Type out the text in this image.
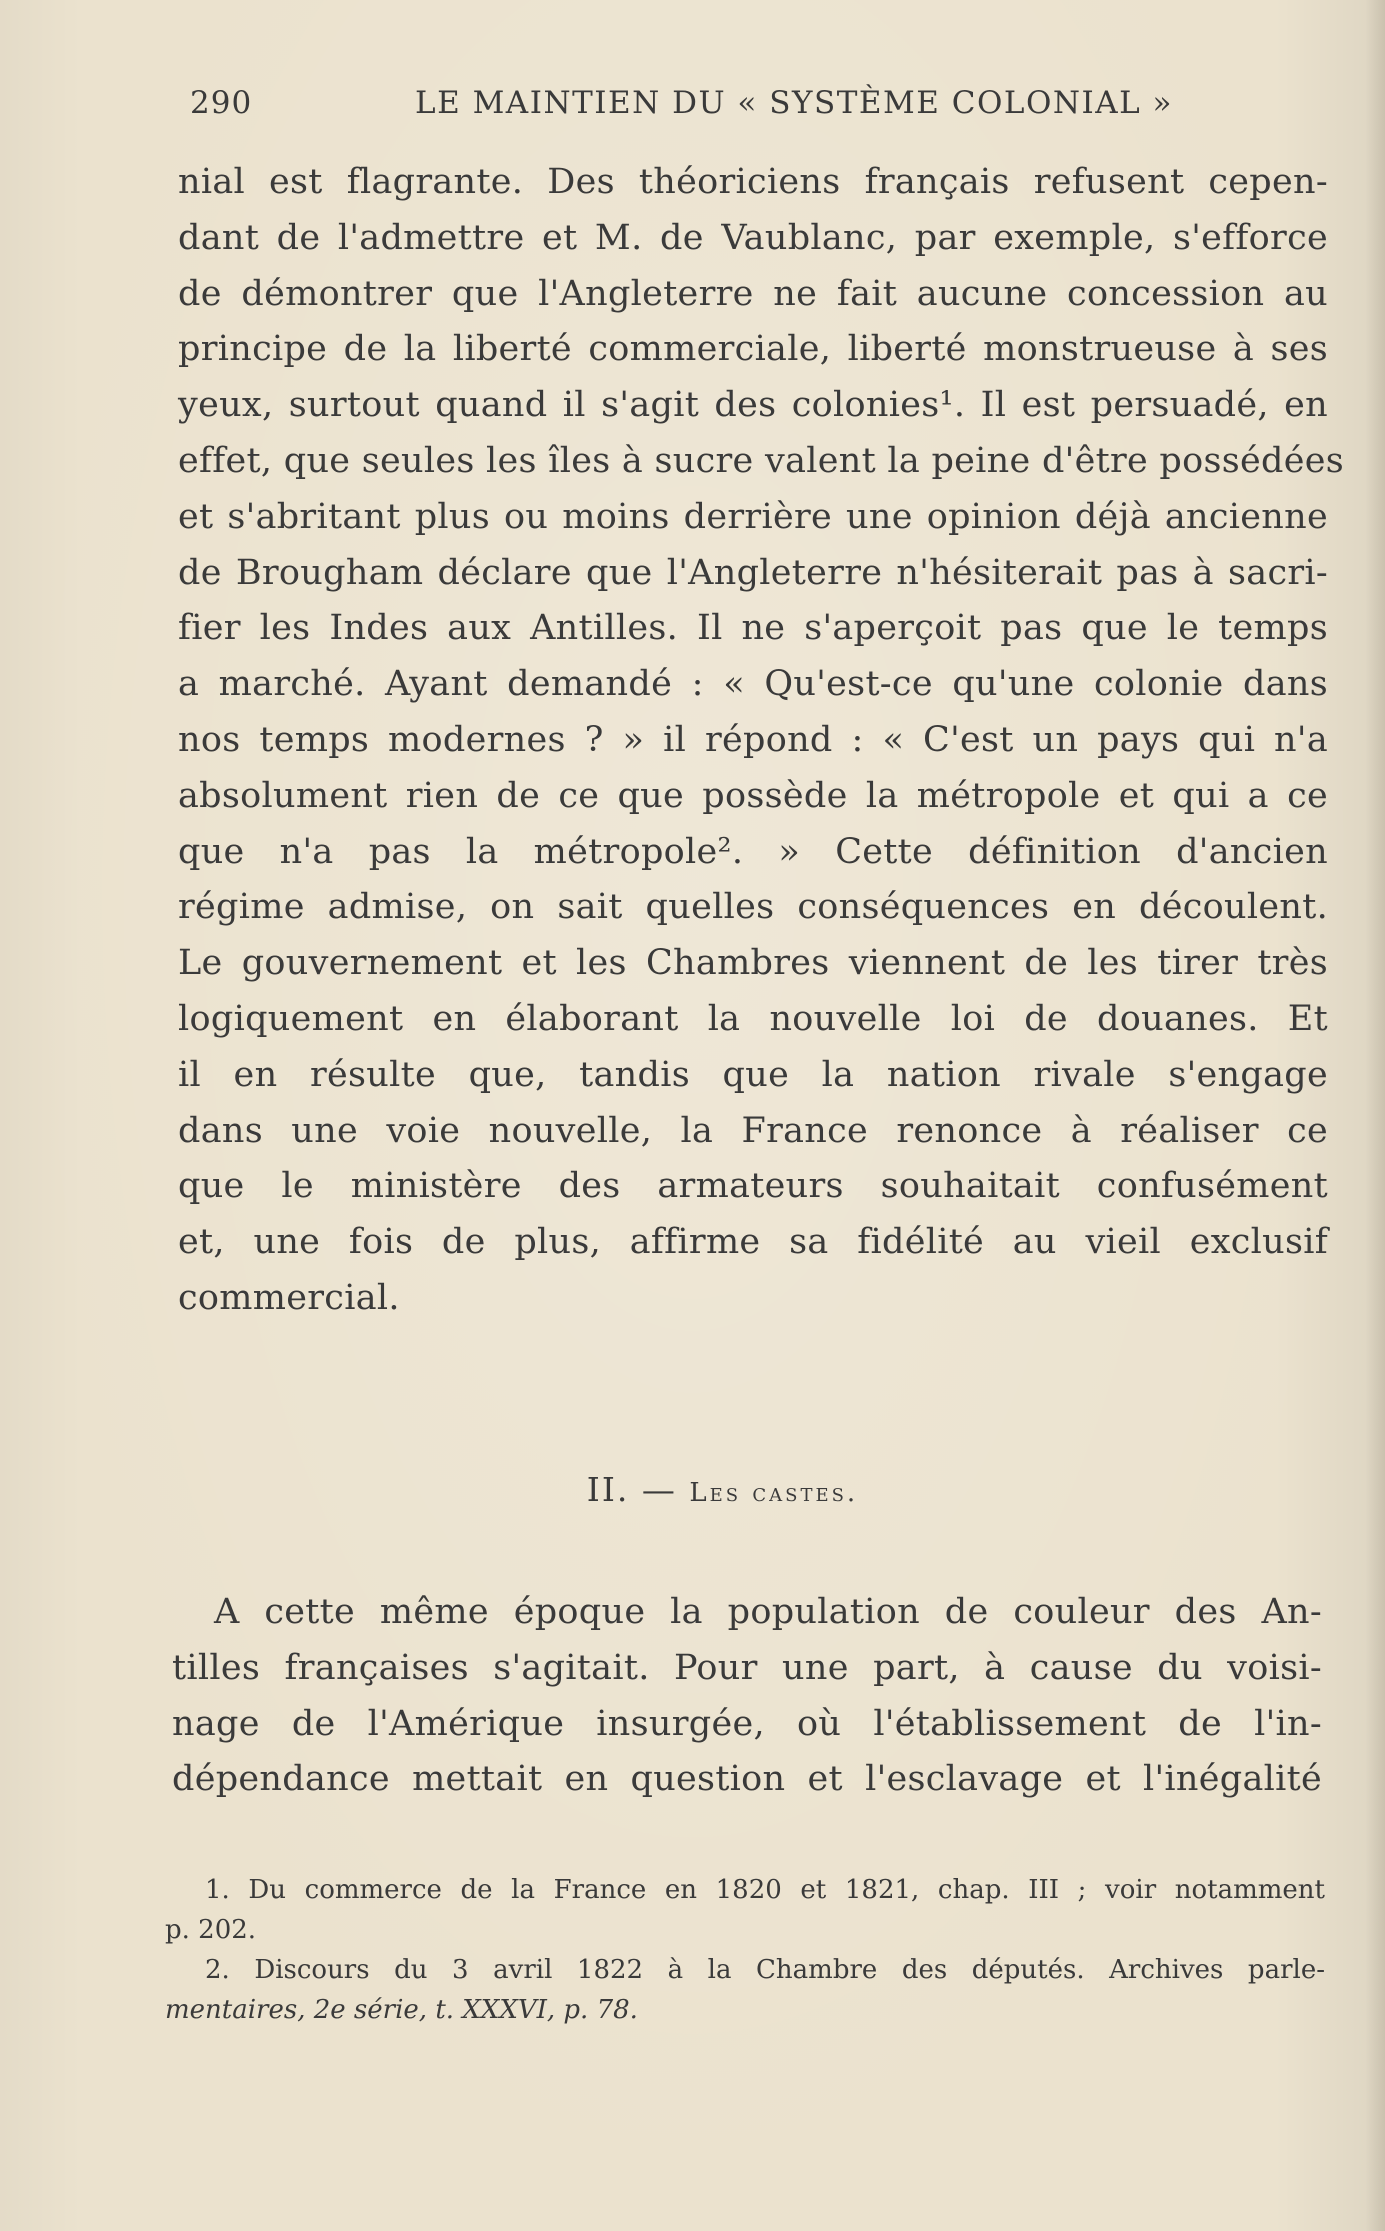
290	LE MAINTIEN DU « SYSTÈME COLONIAL »
nial est flagrante. Des théoriciens français refusent cepen-
dant de l'admettre et M. de Vaublanc, par exemple, s'efforce
de démontrer que l'Angleterre ne fait aucune concession au
principe de la liberté commerciale, liberté monstrueuse à ses
yeux, surtout quand il s'agit des colonies¹. Il est persuadé, en
effet, que seules les îles à sucre valent la peine d'être possédées
et s'abritant plus ou moins derrière une opinion déjà ancienne
de Brougham déclare que l'Angleterre n'hésiterait pas à sacri-
fier les Indes aux Antilles. Il ne s'aperçoit pas que le temps
a marché. Ayant demandé : « Qu'est-ce qu'une colonie dans
nos temps modernes ? » il répond : « C'est un pays qui n'a
absolument rien de ce que possède la métropole et qui a ce
que n'a pas la métropole². » Cette définition d'ancien
régime admise, on sait quelles conséquences en découlent.
Le gouvernement et les Chambres viennent de les tirer très
logiquement en élaborant la nouvelle loi de douanes. Et
il en résulte que, tandis que la nation rivale s'engage
dans une voie nouvelle, la France renonce à réaliser ce
que le ministère des armateurs souhaitait confusément
et, une fois de plus, affirme sa fidélité au vieil exclusif
commercial.
II. — Les castes.
A cette même époque la population de couleur des An-
tilles françaises s'agitait. Pour une part, à cause du voisi-
nage de l'Amérique insurgée, où l'établissement de l'in-
dépendance mettait en question et l'esclavage et l'inégalité
1. Du commerce de la France en 1820 et 1821, chap. III ; voir notamment
p. 202.
2. Discours du 3 avril 1822 à la Chambre des députés. Archives parle-
mentaires, 2e série, t. XXXVI, p. 78.
